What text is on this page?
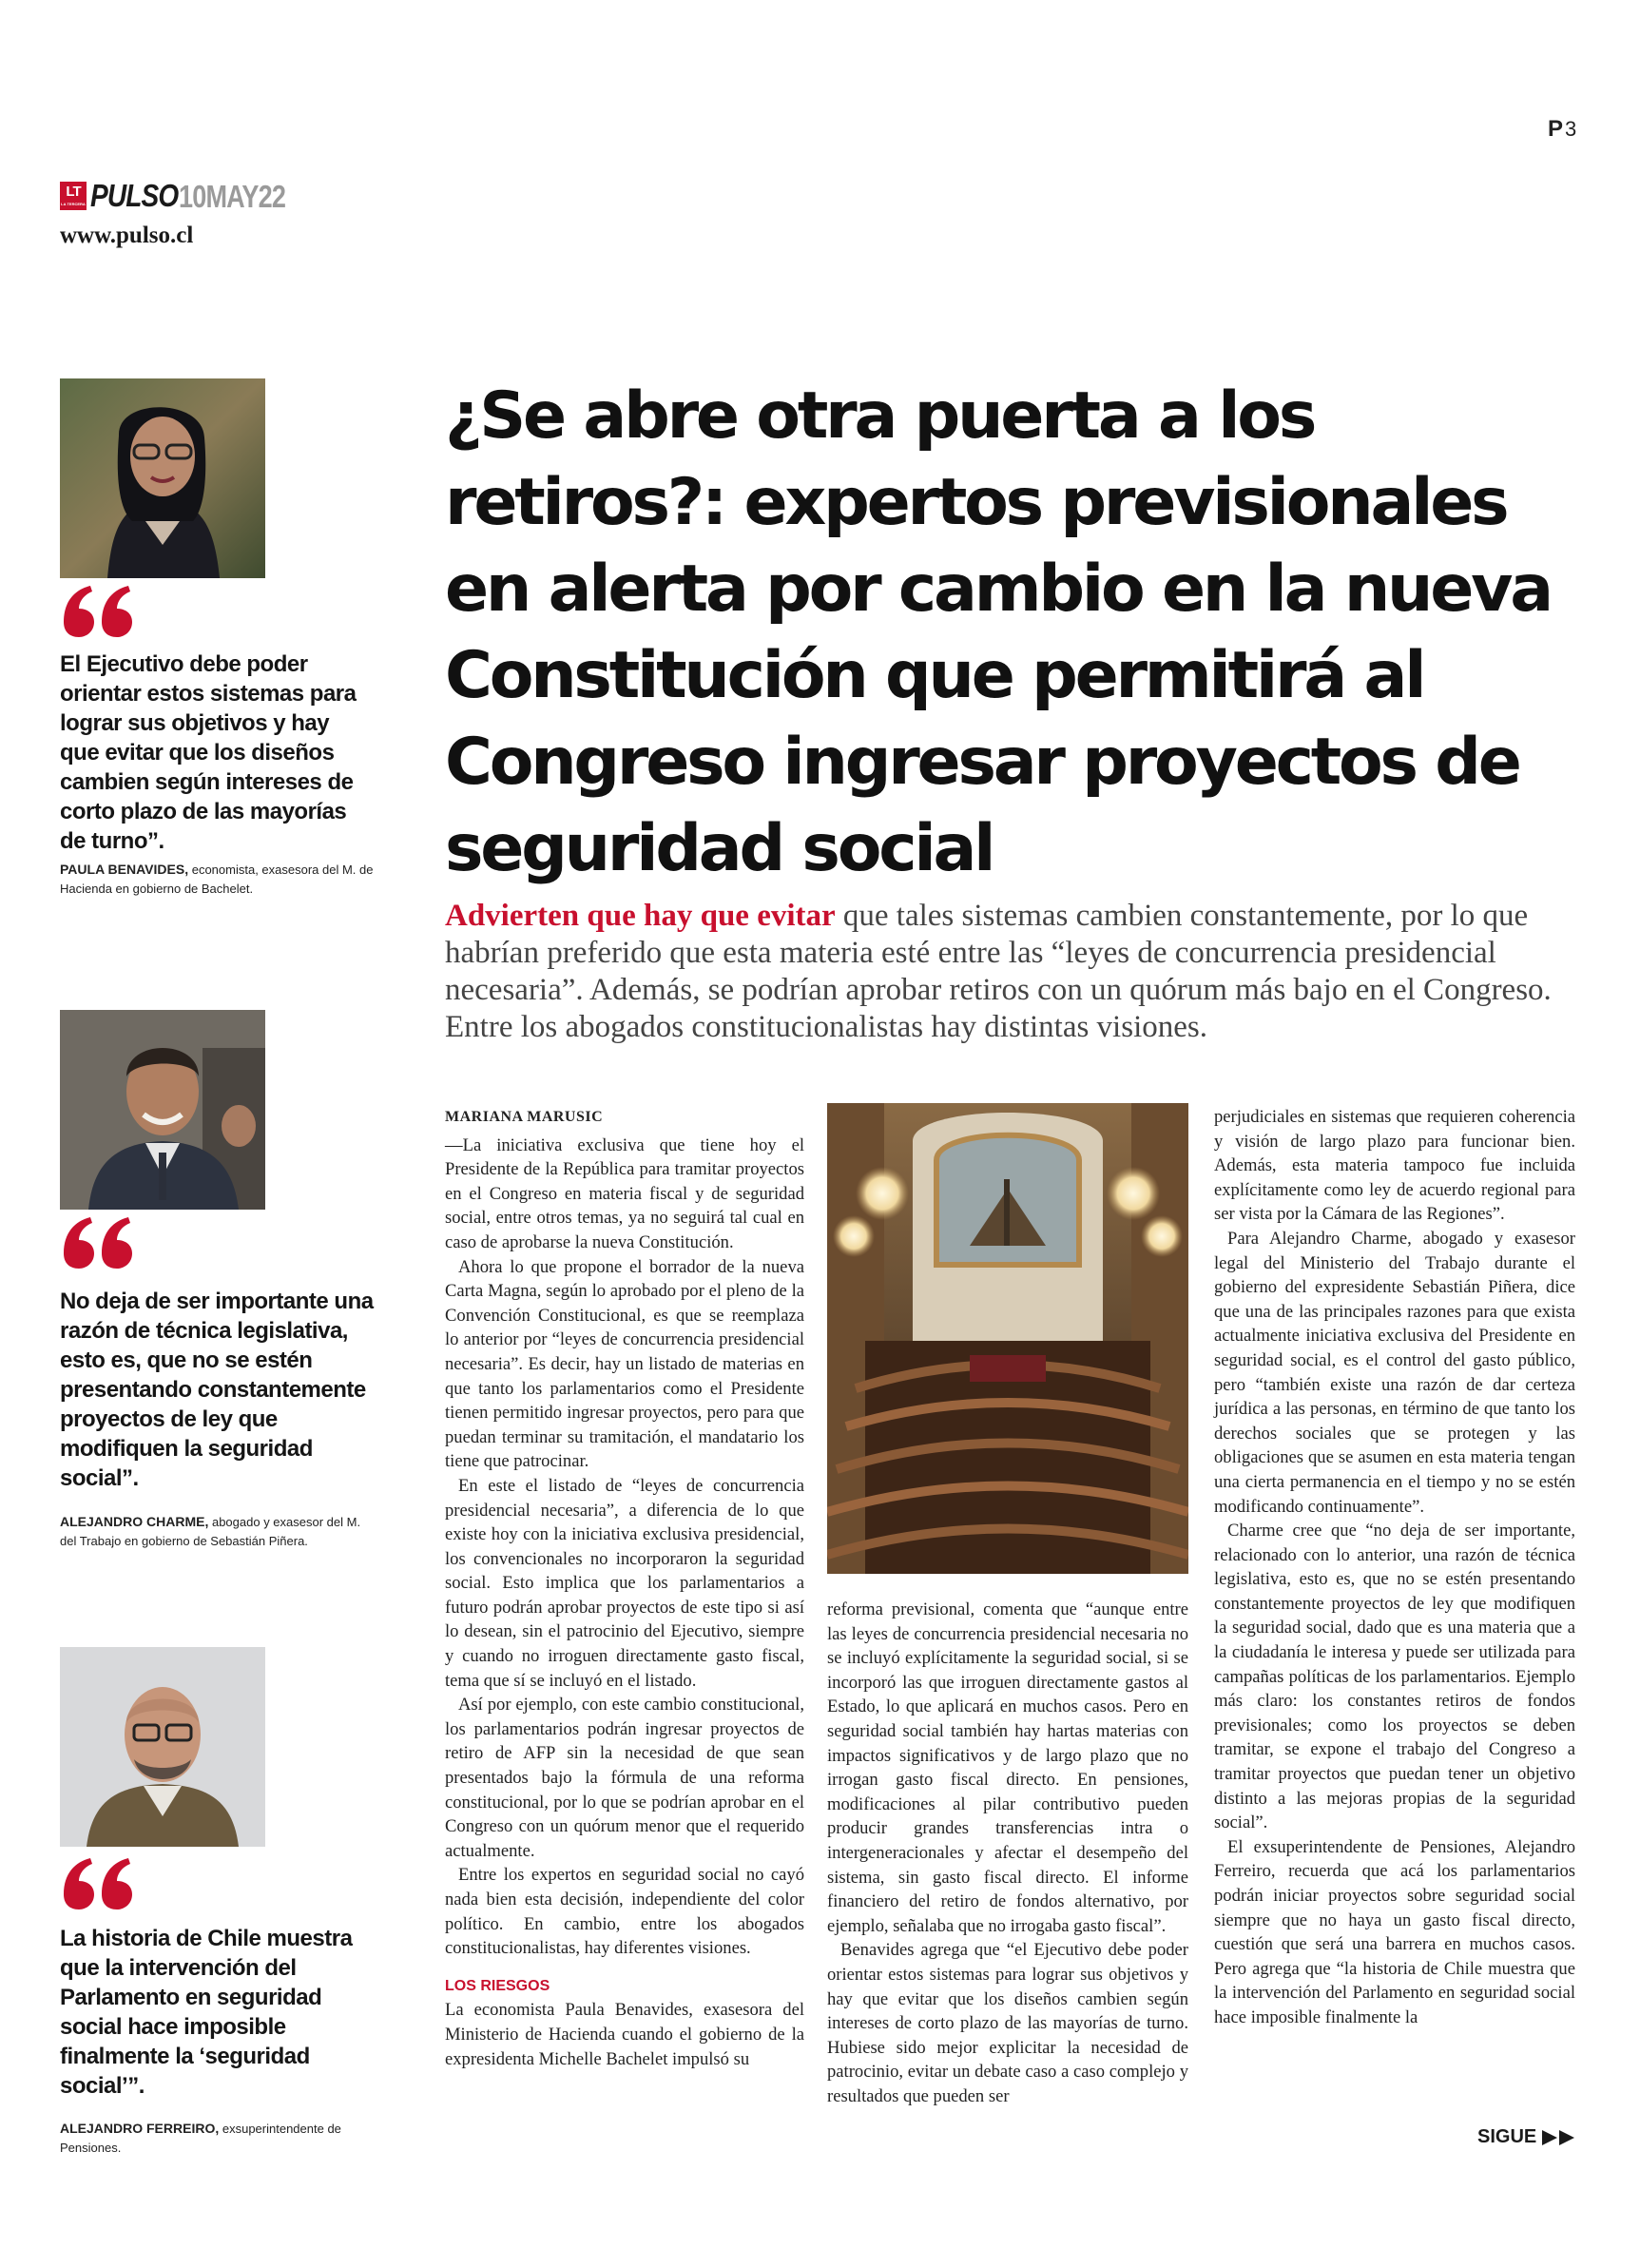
P3
LT
LA TERCERA PULSO 10MAY22
www.pulso.cl

El Ejecutivo debe poder orientar estos sistemas para lograr sus objetivos y hay que evitar que los diseños cambien según intereses de corto plazo de las mayorías de turno”.

PAULA BENAVIDES, economista, exasesora del M. de Hacienda en gobierno de Bachelet.

No deja de ser importante una razón de técnica legislativa, esto es, que no se estén presentando constantemente proyectos de ley que modifiquen la seguridad social”.

ALEJANDRO CHARME, abogado y exasesor del M. del Trabajo en gobierno de Sebastián Piñera.

La historia de Chile muestra que la intervención del Parlamento en seguridad social hace imposible finalmente la ‘seguridad social’”.

ALEJANDRO FERREIRO, exsuperintendente de Pensiones.

¿Se abre otra puerta a los retiros?: expertos previsionales en alerta por cambio en la nueva Constitución que permitirá al Congreso ingresar proyectos de seguridad social

Advierten que hay que evitar que tales sistemas cambien constantemente, por lo que habrían preferido que esta materia esté entre las “leyes de concurrencia presidencial necesaria”. Además, se podrían aprobar retiros con un quórum más bajo en el Congreso. Entre los abogados constitucionalistas hay distintas visiones.

MARIANA MARUSIC

—La iniciativa exclusiva que tiene hoy el Presidente de la República para tramitar proyectos en el Congreso en materia fiscal y de seguridad social, entre otros temas, ya no seguirá tal cual en caso de aprobarse la nueva Constitución.

Ahora lo que propone el borrador de la nueva Carta Magna, según lo aprobado por el pleno de la Convención Constitucional, es que se reemplaza lo anterior por “leyes de concurrencia presidencial necesaria”. Es decir, hay un listado de materias en que tanto los parlamentarios como el Presidente tienen permitido ingresar proyectos, pero para que puedan terminar su tramitación, el mandatario los tiene que patrocinar.

En este el listado de “leyes de concurrencia presidencial necesaria”, a diferencia de lo que existe hoy con la iniciativa exclusiva presidencial, los convencionales no incorporaron la seguridad social. Esto implica que los parlamentarios a futuro podrán aprobar proyectos de este tipo si así lo desean, sin el patrocinio del Ejecutivo, siempre y cuando no irroguen directamente gasto fiscal, tema que sí se incluyó en el listado.

Así por ejemplo, con este cambio constitucional, los parlamentarios podrán ingresar proyectos de retiro de AFP sin la necesidad de que sean presentados bajo la fórmula de una reforma constitucional, por lo que se podrían aprobar en el Congreso con un quórum menor que el requerido actualmente.

Entre los expertos en seguridad social no cayó nada bien esta decisión, independiente del color político. En cambio, entre los abogados constitucionalistas, hay diferentes visiones.

LOS RIESGOS

La economista Paula Benavides, exasesora del Ministerio de Hacienda cuando el gobierno de la expresidenta Michelle Bachelet impulsó su

reforma previsional, comenta que “aunque entre las leyes de concurrencia presidencial necesaria no se incluyó explícitamente la seguridad social, si se incorporó las que irroguen directamente gastos al Estado, lo que aplicará en muchos casos. Pero en seguridad social también hay hartas materias con impactos significativos y de largo plazo que no irrogan gasto fiscal directo. En pensiones, modificaciones al pilar contributivo pueden producir grandes transferencias intra o intergeneracionales y afectar el desempeño del sistema, sin gasto fiscal directo. El informe financiero del retiro de fondos alternativo, por ejemplo, señalaba que no irrogaba gasto fiscal”.

Benavides agrega que “el Ejecutivo debe poder orientar estos sistemas para lograr sus objetivos y hay que evitar que los diseños cambien según intereses de corto plazo de las mayorías de turno. Hubiese sido mejor explicitar la necesidad de patrocinio, evitar un debate caso a caso complejo y resultados que pueden ser

perjudiciales en sistemas que requieren coherencia y visión de largo plazo para funcionar bien. Además, esta materia tampoco fue incluida explícitamente como ley de acuerdo regional para ser vista por la Cámara de las Regiones”.

Para Alejandro Charme, abogado y exasesor legal del Ministerio del Trabajo durante el gobierno del expresidente Sebastián Piñera, dice que una de las principales razones para que exista actualmente iniciativa exclusiva del Presidente en seguridad social, es el control del gasto público, pero “también existe una razón de dar certeza jurídica a las personas, en término de que tanto los derechos sociales que se protegen y las obligaciones que se asumen en esta materia tengan una cierta permanencia en el tiempo y no se estén modificando continuamente”.

Charme cree que “no deja de ser importante, relacionado con lo anterior, una razón de técnica legislativa, esto es, que no se estén presentando constantemente proyectos de ley que modifiquen la seguridad social, dado que es una materia que a la ciudadanía le interesa y puede ser utilizada para campañas políticas de los parlamentarios. Ejemplo más claro: los constantes retiros de fondos previsionales; como los proyectos se deben tramitar, se expone el trabajo del Congreso a tramitar proyectos que puedan tener un objetivo distinto a las mejoras propias de la seguridad social”.

El exsuperintendente de Pensiones, Alejandro Ferreiro, recuerda que acá los parlamentarios podrán iniciar proyectos sobre seguridad social siempre que no haya un gasto fiscal directo, cuestión que será una barrera en muchos casos. Pero agrega que “la historia de Chile muestra que la intervención del Parlamento en seguridad social hace imposible finalmente la

SIGUE
